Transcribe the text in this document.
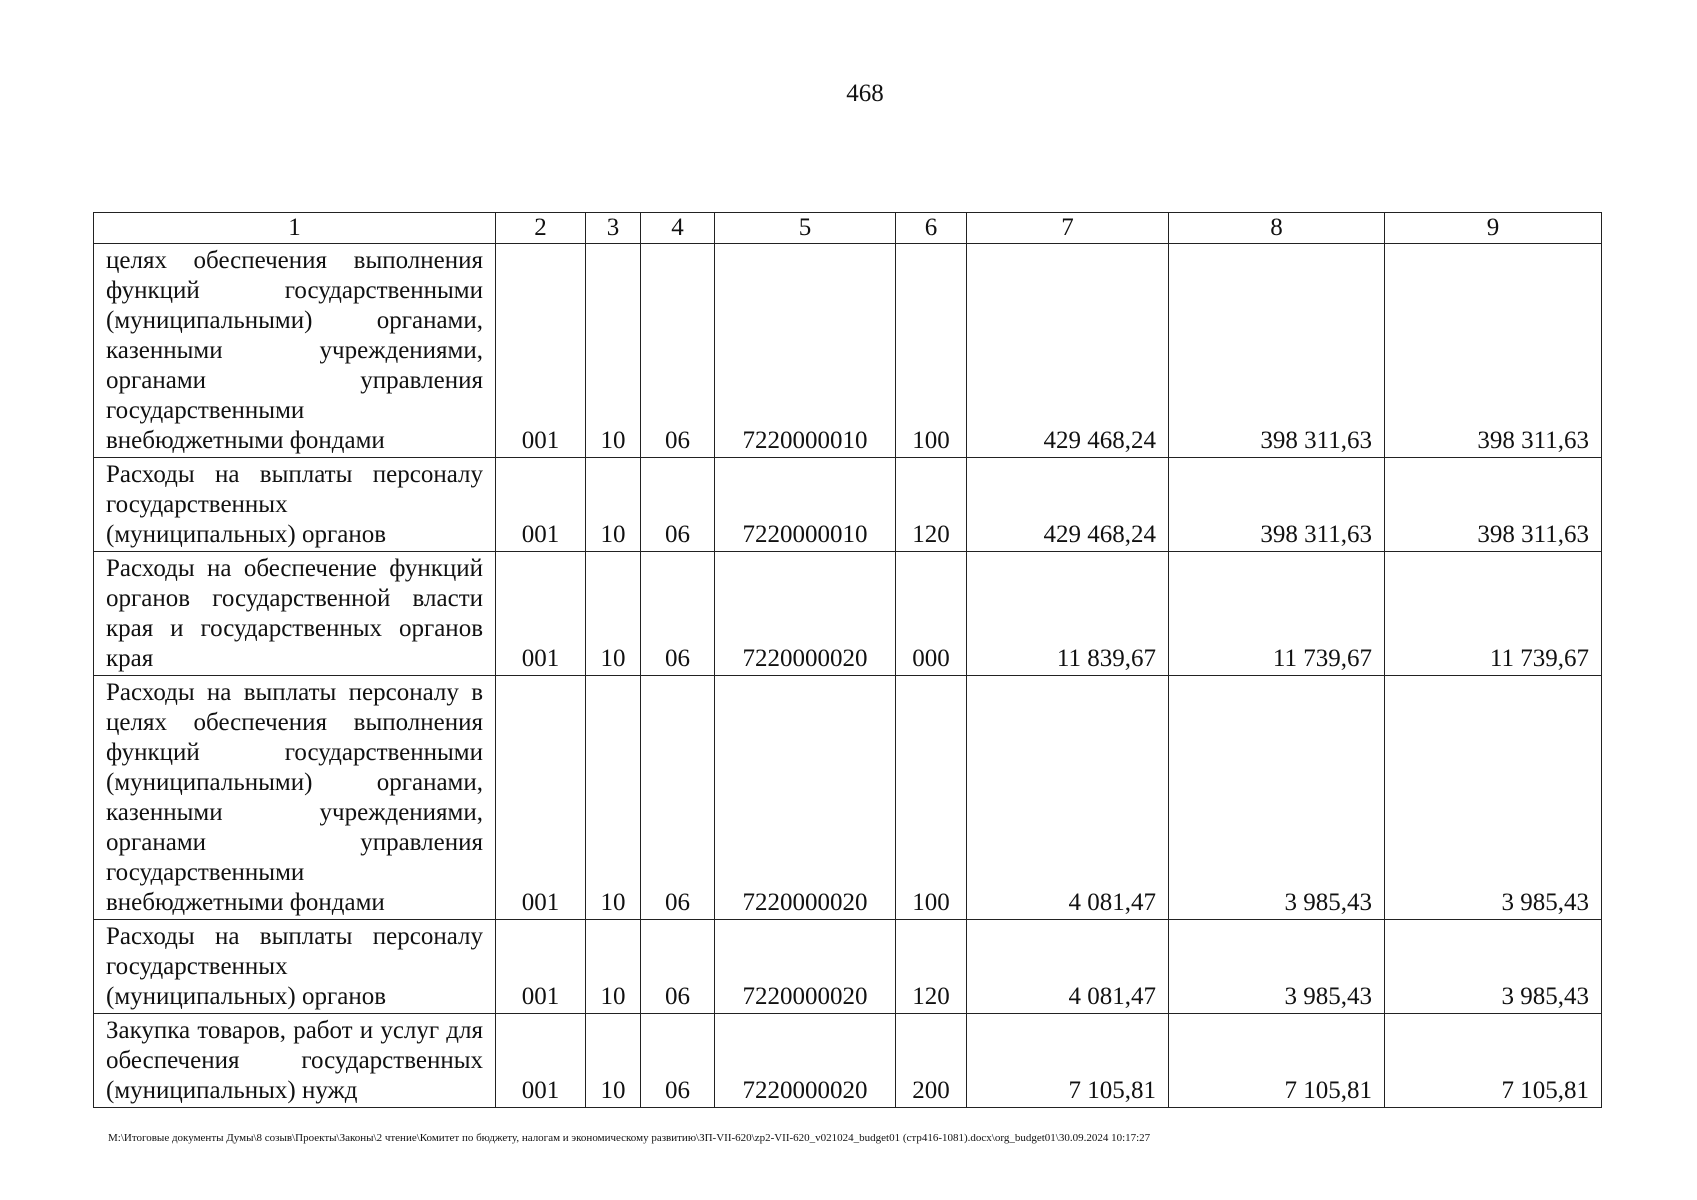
468
1	2	3	4	5	6	7	8	9
целях обеспечения выполнения функций государственными (муниципальными) органами, казенными учреждениями, органами управления государственными внебюджетными фондами	001	10	06	7220000010	100	429 468,24	398 311,63	398 311,63
Расходы на выплаты персоналу государственных (муниципальных) органов	001	10	06	7220000010	120	429 468,24	398 311,63	398 311,63
Расходы на обеспечение функций органов государственной власти края и государственных органов края	001	10	06	7220000020	000	11 839,67	11 739,67	11 739,67
Расходы на выплаты персоналу в целях обеспечения выполнения функций государственными (муниципальными) органами, казенными учреждениями, органами управления государственными внебюджетными фондами	001	10	06	7220000020	100	4 081,47	3 985,43	3 985,43
Расходы на выплаты персоналу государственных (муниципальных) органов	001	10	06	7220000020	120	4 081,47	3 985,43	3 985,43
Закупка товаров, работ и услуг для обеспечения государственных (муниципальных) нужд	001	10	06	7220000020	200	7 105,81	7 105,81	7 105,81
M:\Итоговые документы Думы\8 созыв\Проекты\Законы\2 чтение\Комитет по бюджету, налогам и экономическому развитию\ЗП-VII-620\zp2-VII-620_v021024_budget01 (стр416-1081).docx\org_budget01\30.09.2024 10:17:27
